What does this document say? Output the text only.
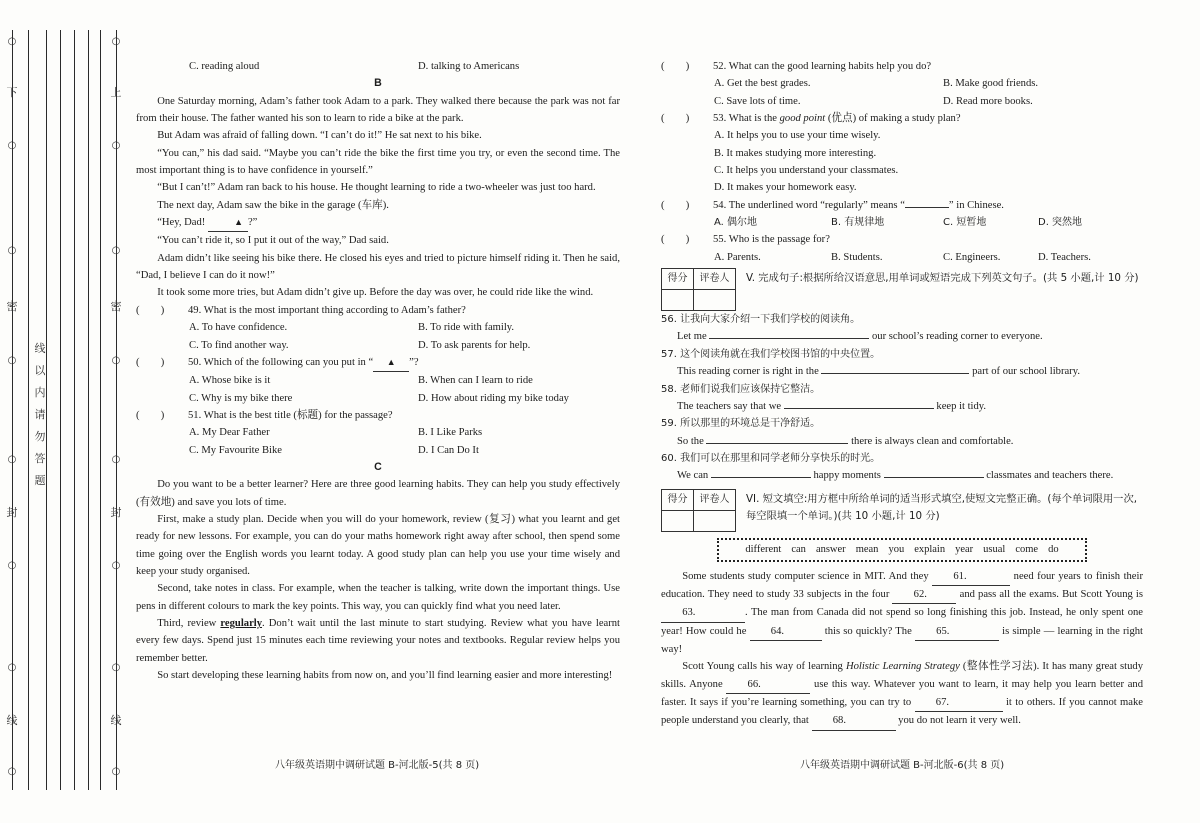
○
下
○
○
密
○
○
封
○
○
线
○
线
以
内
请
勿
答
题
○
上
○
○
密
○
○
封
○
○
线
○
C. reading aloud	D. talking to Americans
B

One Saturday morning, Adam’s father took Adam to a park. They walked there because the park was not far from their house. The father wanted his son to learn to ride a bike at the park.

But Adam was afraid of falling down. “I can’t do it!” He sat next to his bike.

“You can,” his dad said. “Maybe you can’t ride the bike the first time you try, or even the second time. The most important thing is to have confidence in yourself.”

“But I can’t!” Adam ran back to his house. He thought learning to ride a two-wheeler was just too hard.

The next day, Adam saw the bike in the garage (车库).

“Hey, Dad!	▲ ?”

“You can’t ride it, so I put it out of the way,” Dad said.

Adam didn’t like seeing his bike there. He closed his eyes and tried to picture himself riding it. Then he said, “Dad, I believe I can do it now!”

It took some more tries, but Adam didn’t give up. Before the day was over, he could ride like the wind.

(　　)	49. What is the most important thing according to Adam’s father?
A. To have confidence.	B. To ride with family.
C. To find another way.	D. To ask parents for help.
(　　)	50. Which of the following can you put in “ ▲ ”?
A. Whose bike is it	B. When can I learn to ride
C. Why is my bike there	D. How about riding my bike today
(　　)	51. What is the best title (标题) for the passage?
A. My Dear Father	B. I Like Parks
C. My Favourite Bike	D. I Can Do It
C

Do you want to be a better learner? Here are three good learning habits. They can help you study effectively (有效地) and save you lots of time.

First, make a study plan. Decide when you will do your homework, review (复习) what you learnt and get ready for new lessons. For example, you can do your maths homework right away after school, then spend some time going over the English words you learnt today. A good study plan can help you use your time wisely and keep your study organised.

Second, take notes in class. For example, when the teacher is talking, write down the important things. Use pens in different colours to mark the key points. This way, you can quickly find what you need later.

Third, review regularly. Don’t wait until the last minute to start studying. Review what you have learnt every few days. Spend just 15 minutes each time reviewing your notes and textbooks. Regular review helps you remember better.

So start developing these learning habits from now on, and you’ll find learning easier and more interesting!

八年级英语期中调研试题 B-河北版-5(共 8 页)
(　　)	52. What can the good learning habits help you do?
A. Get the best grades.	B. Make good friends.
C. Save lots of time.	D. Read more books.
(　　)	53. What is the good point (优点) of making a study plan?
A. It helps you to use your time wisely.
B. It makes studying more interesting.
C. It helps you understand your classmates.
D. It makes your homework easy.
(　　)	54. The underlined word “regularly” means “	” in Chinese.
A. 偶尔地	B. 有规律地	C. 短暂地	D. 突然地
(　　)	55. Who is the passage for?
A. Parents.	B. Students.	C. Engineers.	D. Teachers.
得分	评卷人
	V. 完成句子:根据所给汉语意思,用单词或短语完成下列英文句子。(共 5 小题,计 10 分)
56. 让我向大家介绍一下我们学校的阅读角。
Let me	our school’s reading corner to everyone.
57. 这个阅读角就在我们学校图书馆的中央位置。
This reading corner is right in the	part of our school library.
58. 老师们说我们应该保持它整洁。
The teachers say that we	keep it tidy.
59. 所以那里的环境总是干净舒适。
So the	there is always clean and comfortable.
60. 我们可以在那里和同学老师分享快乐的时光。
We can	happy moments	classmates and teachers there.
得分	评卷人
	VI. 短文填空:用方框中所给单词的适当形式填空,使短文完整正确。(每个单词限用一次,每空限填一个单词。)(共 10 小题,计 10 分)
different can answer mean you explain year usual come do

Some students study computer science in MIT. And they 61.	need four years to finish their education. They need to study 33 subjects in the four 62.	and pass all the exams. But Scott Young is 63.	. The man from Canada did not spend so long finishing this job. Instead, he only spent one year! How could he 64.	this so quickly? The 65.	is simple — learning in the right way!

Scott Young calls his way of learning Holistic Learning Strategy (整体性学习法). It has many great study skills. Anyone 66.	use this way. Whatever you want to learn, it may help you learn better and faster. It says if you’re learning something, you can try to 67.	it to others. If you cannot make people understand you clearly, that 68.	you do not learn it very well.

八年级英语期中调研试题 B-河北版-6(共 8 页)
